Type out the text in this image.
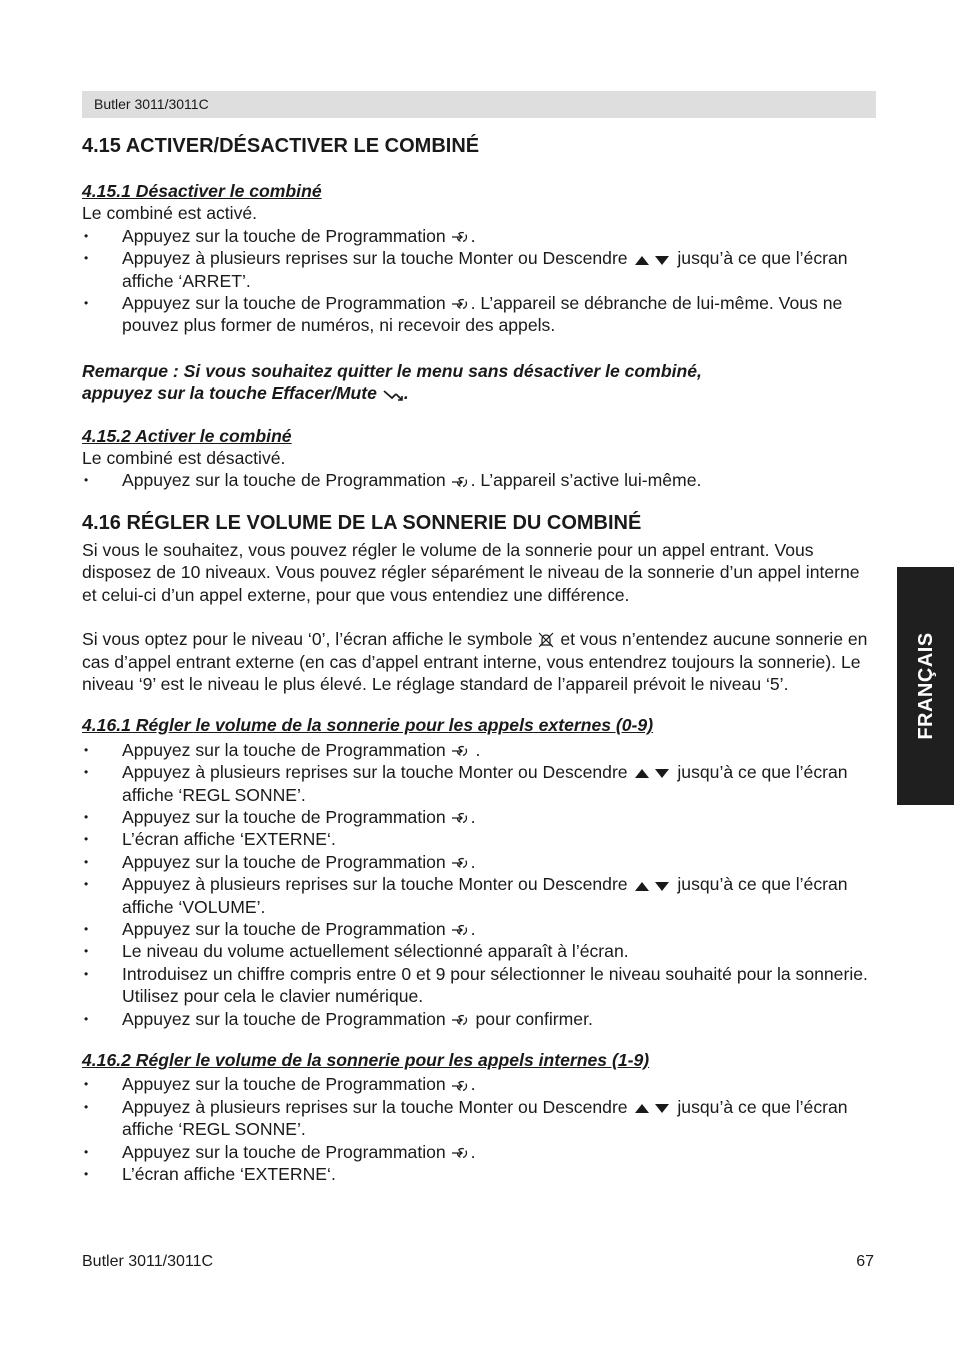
Butler 3011/3011C
FRANÇAIS
4.15 ACTIVER/DÉSACTIVER LE COMBINÉ
4.15.1 Désactiver le combiné

Le combiné est activé.

• Appuyez sur la touche de Programmation .
• Appuyez à plusieurs reprises sur la touche Monter ou Descendre	jusqu’à ce que l’écran affiche ‘ARRET’.
• Appuyez sur la touche de Programmation . L’appareil se débranche de lui-même. Vous ne pouvez plus former de numéros, ni recevoir des appels.

Remarque : Si vous souhaitez quitter le menu sans désactiver le combiné,

appuyez sur la touche Effacer/Mute .

4.15.2 Activer le combiné

Le combiné est désactivé.

• Appuyez sur la touche de Programmation . L’appareil s’active lui-même.
4.16 RÉGLER LE VOLUME DE LA SONNERIE DU COMBINÉ

Si vous le souhaitez, vous pouvez régler le volume de la sonnerie pour un appel entrant. Vous disposez de 10 niveaux. Vous pouvez régler séparément le niveau de la sonnerie d’un appel interne et celui-ci d’un appel externe, pour que vous entendiez une différence.

Si vous optez pour le niveau ‘0’, l’écran affiche le symbole et vous n’entendez aucune sonnerie en cas d’appel entrant externe (en cas d’appel entrant interne, vous entendrez toujours la sonnerie). Le niveau ‘9’ est le niveau le plus élevé. Le réglage standard de l’appareil prévoit le niveau ‘5’.

4.16.1 Régler le volume de la sonnerie pour les appels externes (0-9)
• Appuyez sur la touche de Programmation .
• Appuyez à plusieurs reprises sur la touche Monter ou Descendre	jusqu’à ce que l’écran affiche ‘REGL SONNE’.
• Appuyez sur la touche de Programmation .
• L’écran affiche ‘EXTERNE‘.
• Appuyez sur la touche de Programmation .
• Appuyez à plusieurs reprises sur la touche Monter ou Descendre	jusqu’à ce que l’écran affiche ‘VOLUME’.
• Appuyez sur la touche de Programmation .
• Le niveau du volume actuellement sélectionné apparaît à l’écran.
• Introduisez un chiffre compris entre 0 et 9 pour sélectionner le niveau souhaité pour la sonnerie. Utilisez pour cela le clavier numérique.
• Appuyez sur la touche de Programmation pour confirmer.
4.16.2 Régler le volume de la sonnerie pour les appels internes (1-9)
• Appuyez sur la touche de Programmation .
• Appuyez à plusieurs reprises sur la touche Monter ou Descendre	jusqu’à ce que l’écran affiche ‘REGL SONNE’.
• Appuyez sur la touche de Programmation .
• L’écran affiche ‘EXTERNE‘.
Butler 3011/3011C	67
